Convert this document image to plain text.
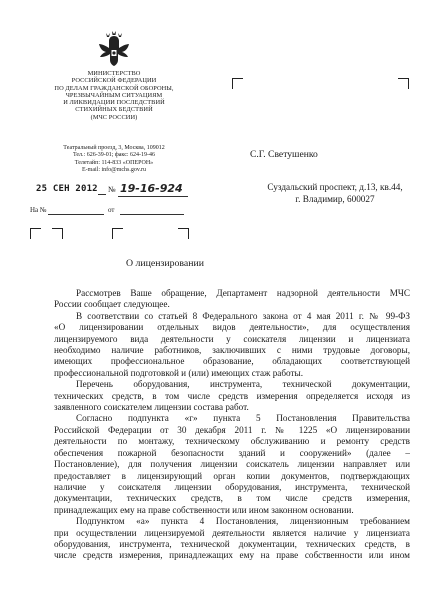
МИНИСТЕРСТВО
РОССИЙСКОЙ ФЕДЕРАЦИИ
ПО ДЕЛАМ ГРАЖДАНСКОЙ ОБОРОНЫ,
ЧРЕЗВЫЧАЙНЫМ СИТУАЦИЯМ
И ЛИКВИДАЦИИ ПОСЛЕДСТВИЙ
СТИХИЙНЫХ БЕДСТВИЙ
(МЧС РОССИИ)
Театральный проезд, 3, Москва, 109012
Тел.: 626-39-01; факс: 624-19-46
Телетайп: 114-833 «ОПЕРОН»
E-mail: info@mchs.gov.ru
25 СЕН 2012 № 19-16-924
На №	от
С.Г. Светушенко
Суздальский проспект, д.13, кв.44,
г. Владимир, 600027
О лицензировании
Рассмотрев Ваше обращение, Департамент надзорной деятельности МЧС
России сообщает следующее.
В соответствии со статьей 8 Федерального закона от 4 мая 2011 г. № 99-ФЗ
«О лицензировании отдельных видов деятельности», для осуществления
лицензируемого вида деятельности у соискателя лицензии и лицензиата
необходимо наличие работников, заключивших с ними трудовые договоры,
имеющих профессиональное образование, обладающих соответствующей
профессиональной подготовкой и (или) имеющих стаж работы.
Перечень оборудования, инструмента, технической документации,
технических средств, в том числе средств измерения определяется исходя из
заявленного соискателем лицензии состава работ.
Согласно подпункта «г» пункта 5 Постановления Правительства
Российской Федерации от 30 декабря 2011 г. № 1225 «О лицензировании
деятельности по монтажу, техническому обслуживанию и ремонту средств
обеспечения пожарной безопасности зданий и сооружений» (далее –
Постановление), для получения лицензии соискатель лицензии направляет или
предоставляет в лицензирующий орган копии документов, подтверждающих
наличие у соискателя лицензии оборудования, инструмента, технической
документации, технических средств, в том числе средств измерения,
принадлежащих ему на праве собственности или ином законном основании.
Подпунктом «а» пункта 4 Постановления, лицензионным требованием
при осуществлении лицензируемой деятельности является наличие у лицензиата
оборудования, инструмента, технической документации, технических средств, в
числе средств измерения, принадлежащих ему на праве собственности или ином
